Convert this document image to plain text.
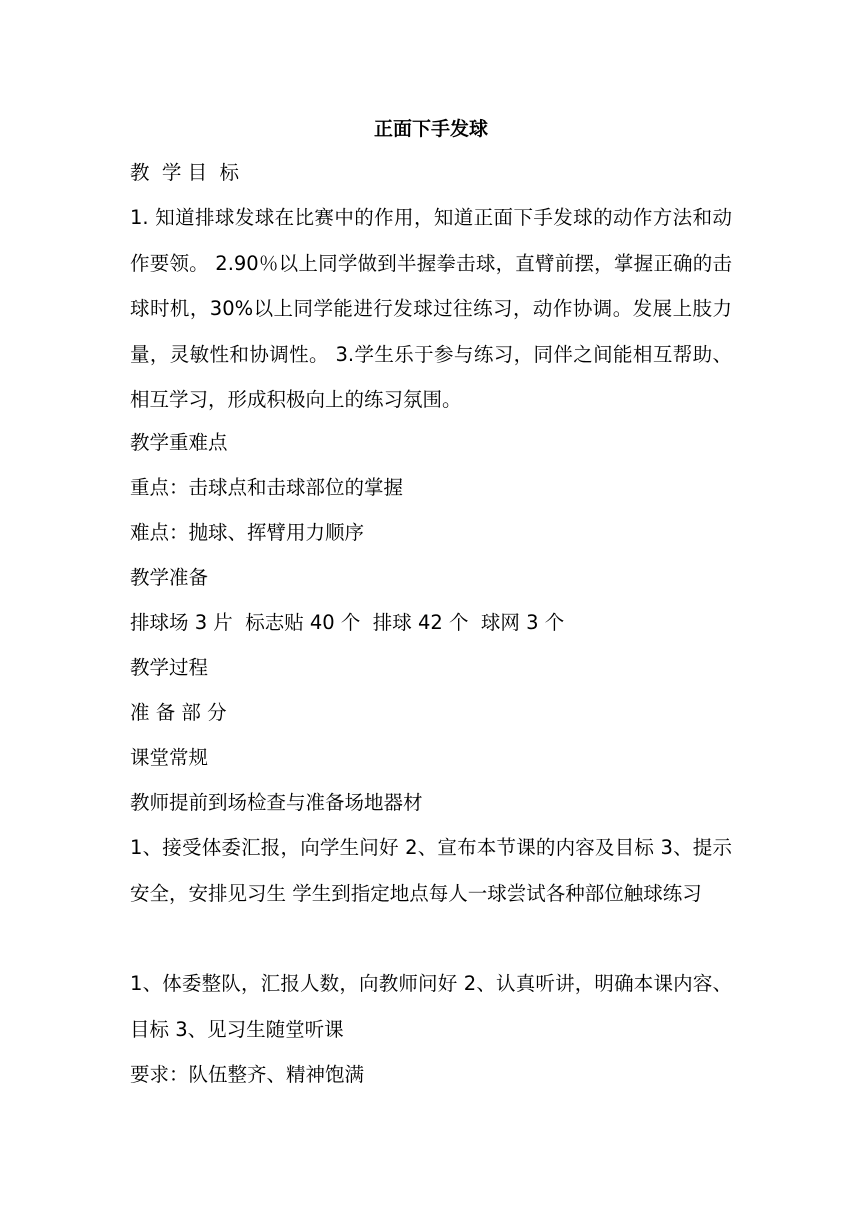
正面下手发球
教  学 目  标
1. 知道排球发球在比赛中的作用，知道正面下手发球的动作方法和动作要领。 2.90％以上同学做到半握拳击球，直臂前摆，掌握正确的击球时机，30%以上同学能进行发球过往练习，动作协调。发展上肢力量，灵敏性和协调性。 3.学生乐于参与练习，同伴之间能相互帮助、相互学习，形成积极向上的练习氛围。
教学重难点
重点：击球点和击球部位的掌握
难点：抛球、挥臂用力顺序
教学准备
排球场 3 片  标志贴 40 个  排球 42 个  球网 3 个
教学过程
准 备 部 分
课堂常规
教师提前到场检查与准备场地器材
1、接受体委汇报，向学生问好 2、宣布本节课的内容及目标 3、提示安全，安排见习生 学生到指定地点每人一球尝试各种部位触球练习
1、体委整队，汇报人数，向教师问好 2、认真听讲，明确本课内容、目标 3、见习生随堂听课
要求：队伍整齐、精神饱满
